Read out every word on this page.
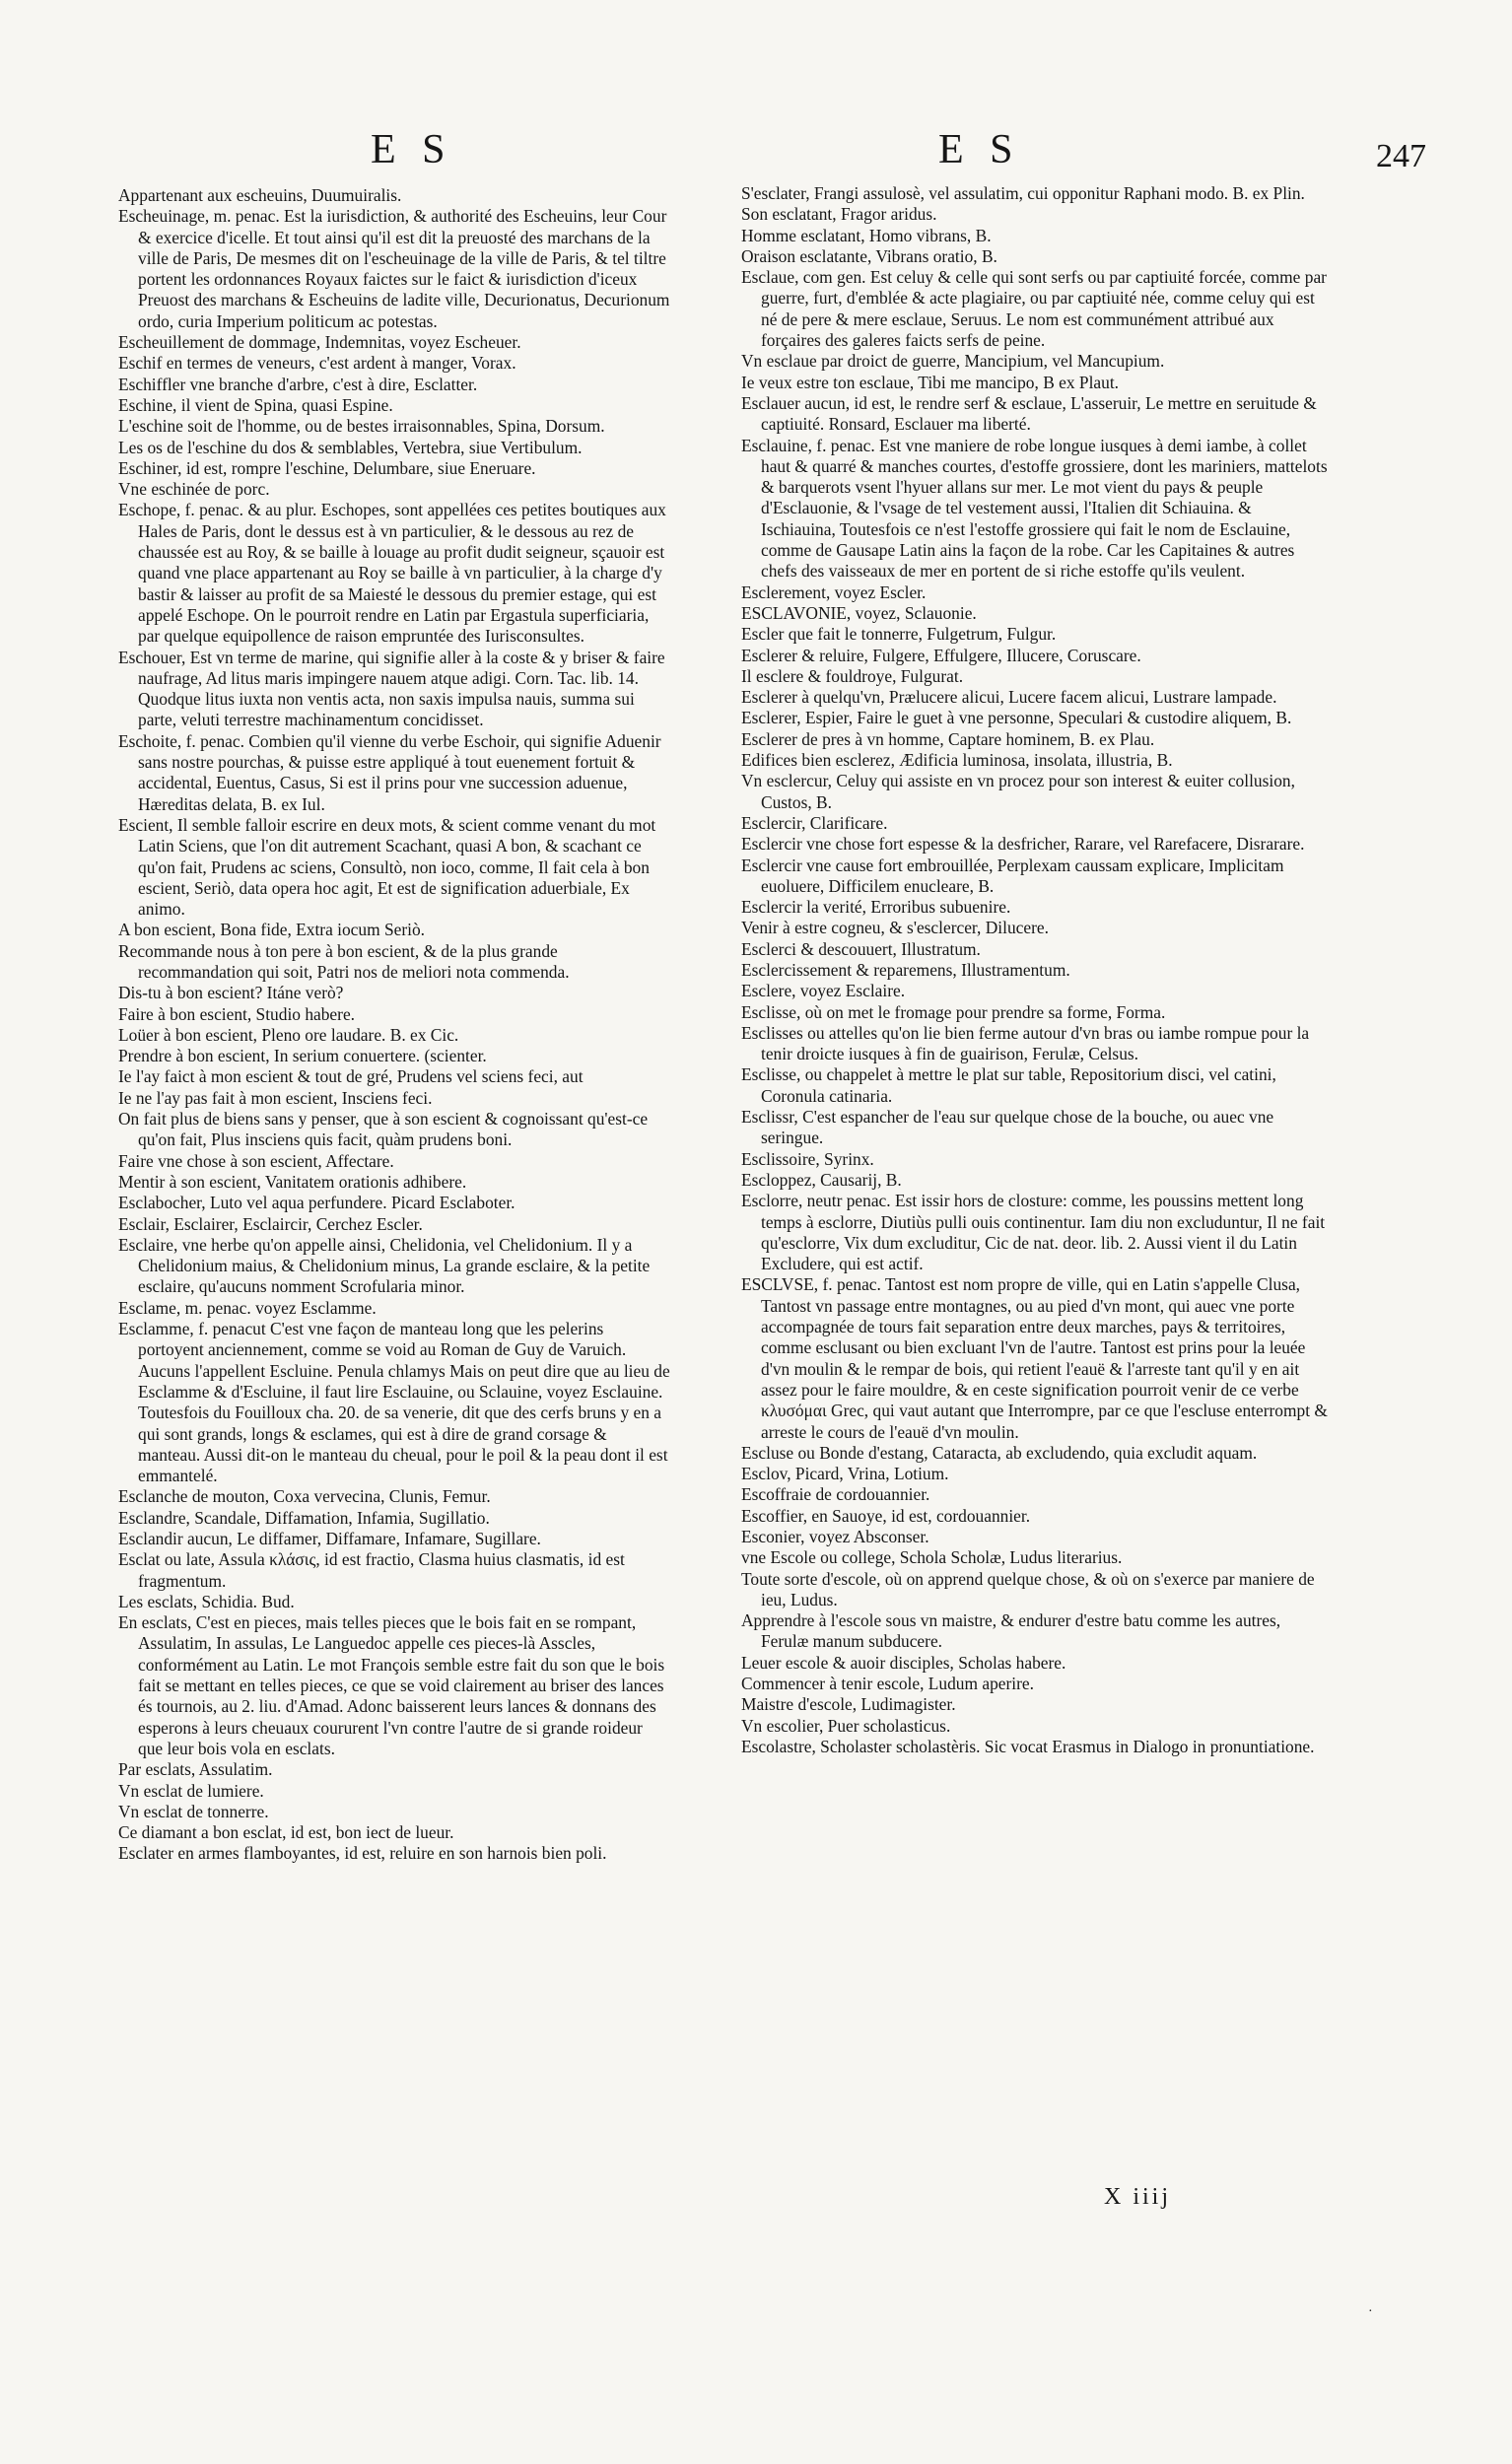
E S	E S	247

Appartenant aux escheuins, Duumuiralis.

Escheuinage, m. penac. Est la iurisdiction, & authorité des Escheuins, leur Cour & exercice d'icelle. Et tout ainsi qu'il est dit la preuosté des marchans de la ville de Paris, De mesmes dit on l'escheuinage de la ville de Paris, & tel tiltre portent les ordonnances Royaux faictes sur le faict & iurisdiction d'iceux Preuost des marchans & Escheuins de ladite ville, Decurionatus, Decurionum ordo, curia Imperium politicum ac potestas.

Escheuillement de dommage, Indemnitas, voyez Escheuer.

Eschif en termes de veneurs, c'est ardent à manger, Vorax.

Eschiffler vne branche d'arbre, c'est à dire, Esclatter.

Eschine, il vient de Spina, quasi Espine.

L'eschine soit de l'homme, ou de bestes irraisonnables, Spina, Dorsum.

Les os de l'eschine du dos & semblables, Vertebra, siue Vertibulum.

Eschiner, id est, rompre l'eschine, Delumbare, siue Eneruare.

Vne eschinée de porc.

Eschope, f. penac. & au plur. Eschopes, sont appellées ces petites boutiques aux Hales de Paris, dont le dessus est à vn particulier, & le dessous au rez de chaussée est au Roy, & se baille à louage au profit dudit seigneur, sçauoir est quand vne place appartenant au Roy se baille à vn particulier, à la charge d'y bastir & laisser au profit de sa Maiesté le dessous du premier estage, qui est appelé Eschope. On le pourroit rendre en Latin par Ergastula superficiaria, par quelque equipollence de raison empruntée des Iurisconsultes.

Eschouer, Est vn terme de marine, qui signifie aller à la coste & y briser & faire naufrage, Ad litus maris impingere nauem atque adigi. Corn. Tac. lib. 14. Quodque litus iuxta non ventis acta, non saxis impulsa nauis, summa sui parte, veluti terrestre machinamentum concidisset.

Eschoite, f. penac. Combien qu'il vienne du verbe Eschoir, qui signifie Aduenir sans nostre pourchas, & puisse estre appliqué à tout euenement fortuit & accidental, Euentus, Casus, Si est il prins pour vne succession aduenue, Hæreditas delata, B. ex Iul.

Escient, Il semble falloir escrire en deux mots, & scient comme venant du mot Latin Sciens, que l'on dit autrement Scachant, quasi A bon, & scachant ce qu'on fait, Prudens ac sciens, Consultò, non ioco, comme, Il fait cela à bon escient, Seriò, data opera hoc agit, Et est de signification aduerbiale, Ex animo.

A bon escient, Bona fide, Extra iocum Seriò.

Recommande nous à ton pere à bon escient, & de la plus grande recommandation qui soit, Patri nos de meliori nota commenda.

Dis-tu à bon escient? Itáne verò?

Faire à bon escient, Studio habere.

Loüer à bon escient, Pleno ore laudare. B. ex Cic.

Prendre à bon escient, In serium conuertere. (scienter.

Ie l'ay faict à mon escient & tout de gré, Prudens vel sciens feci, aut

Ie ne l'ay pas fait à mon escient, Insciens feci.

On fait plus de biens sans y penser, que à son escient & cognoissant qu'est-ce qu'on fait, Plus insciens quis facit, quàm prudens boni.

Faire vne chose à son escient, Affectare.

Mentir à son escient, Vanitatem orationis adhibere.

Esclabocher, Luto vel aqua perfundere. Picard Esclaboter.

Esclair, Esclairer, Esclaircir, Cerchez Escler.

Esclaire, vne herbe qu'on appelle ainsi, Chelidonia, vel Chelidonium. Il y a Chelidonium maius, & Chelidonium minus, La grande esclaire, & la petite esclaire, qu'aucuns nomment Scrofularia minor.

Esclame, m. penac. voyez Esclamme.

Esclamme, f. penacut C'est vne façon de manteau long que les pelerins portoyent anciennement, comme se void au Roman de Guy de Varuich. Aucuns l'appellent Escluine. Penula chlamys Mais on peut dire que au lieu de Esclamme & d'Escluine, il faut lire Esclauine, ou Sclauine, voyez Esclauine. Toutesfois du Fouilloux cha. 20. de sa venerie, dit que des cerfs bruns y en a qui sont grands, longs & esclames, qui est à dire de grand corsage & manteau. Aussi dit-on le manteau du cheual, pour le poil & la peau dont il est emmantelé.

Esclanche de mouton, Coxa vervecina, Clunis, Femur.

Esclandre, Scandale, Diffamation, Infamia, Sugillatio.

Esclandir aucun, Le diffamer, Diffamare, Infamare, Sugillare.

Esclat ou late, Assula κλάσις, id est fractio, Clasma huius clasmatis, id est fragmentum.

Les esclats, Schidia. Bud.

En esclats, C'est en pieces, mais telles pieces que le bois fait en se rompant, Assulatim, In assulas, Le Languedoc appelle ces pieces-là Asscles, conformément au Latin. Le mot François semble estre fait du son que le bois fait se mettant en telles pieces, ce que se void clairement au briser des lances és tournois, au 2. liu. d'Amad. Adonc baisserent leurs lances & donnans des esperons à leurs cheuaux coururent l'vn contre l'autre de si grande roideur que leur bois vola en esclats.

Par esclats, Assulatim.

Vn esclat de lumiere.

Vn esclat de tonnerre.

Ce diamant a bon esclat, id est, bon iect de lueur.

Esclater en armes flamboyantes, id est, reluire en son harnois bien poli.

S'esclater, Frangi assulosè, vel assulatim, cui opponitur Raphani modo. B. ex Plin.

Son esclatant, Fragor aridus.

Homme esclatant, Homo vibrans, B.

Oraison esclatante, Vibrans oratio, B.

Esclaue, com gen. Est celuy & celle qui sont serfs ou par captiuité forcée, comme par guerre, furt, d'emblée & acte plagiaire, ou par captiuité née, comme celuy qui est né de pere & mere esclaue, Seruus. Le nom est communément attribué aux forçaires des galeres faicts serfs de peine.

Vn esclaue par droict de guerre, Mancipium, vel Mancupium.

Ie veux estre ton esclaue, Tibi me mancipo, B ex Plaut.

Esclauer aucun, id est, le rendre serf & esclaue, L'asseruir, Le mettre en seruitude & captiuité. Ronsard, Esclauer ma liberté.

Esclauine, f. penac. Est vne maniere de robe longue iusques à demi iambe, à collet haut & quarré & manches courtes, d'estoffe grossiere, dont les mariniers, mattelots & barquerots vsent l'hyuer allans sur mer. Le mot vient du pays & peuple d'Esclauonie, & l'vsage de tel vestement aussi, l'Italien dit Schiauina. & Ischiauina, Toutesfois ce n'est l'estoffe grossiere qui fait le nom de Esclauine, comme de Gausape Latin ains la façon de la robe. Car les Capitaines & autres chefs des vaisseaux de mer en portent de si riche estoffe qu'ils veulent.

Esclerement, voyez Escler.

ESCLAVONIE, voyez, Sclauonie.

Escler que fait le tonnerre, Fulgetrum, Fulgur.

Esclerer & reluire, Fulgere, Effulgere, Illucere, Coruscare.

Il esclere & fouldroye, Fulgurat.

Esclerer à quelqu'vn, Prælucere alicui, Lucere facem alicui, Lustrare lampade.

Esclerer, Espier, Faire le guet à vne personne, Speculari & custodire aliquem, B.

Esclerer de pres à vn homme, Captare hominem, B. ex Plau.

Edifices bien esclerez, Ædificia luminosa, insolata, illustria, B.

Vn esclercur, Celuy qui assiste en vn procez pour son interest & euiter collusion, Custos, B.

Esclercir, Clarificare.

Esclercir vne chose fort espesse & la desfricher, Rarare, vel Rarefacere, Disrarare.

Esclercir vne cause fort embrouillée, Perplexam caussam explicare, Implicitam euoluere, Difficilem enucleare, B.

Esclercir la verité, Erroribus subuenire.

Venir à estre cogneu, & s'esclercer, Dilucere.

Esclerci & descouuert, Illustratum.

Esclercissement & reparemens, Illustramentum.

Esclere, voyez Esclaire.

Esclisse, où on met le fromage pour prendre sa forme, Forma.

Esclisses ou attelles qu'on lie bien ferme autour d'vn bras ou iambe rompue pour la tenir droicte iusques à fin de guairison, Ferulæ, Celsus.

Esclisse, ou chappelet à mettre le plat sur table, Repositorium disci, vel catini, Coronula catinaria.

Esclissr, C'est espancher de l'eau sur quelque chose de la bouche, ou auec vne seringue.

Esclissoire, Syrinx.

Escloppez, Causarij, B.

Esclorre, neutr penac. Est issir hors de closture: comme, les poussins mettent long temps à esclorre, Diutiùs pulli ouis continentur. Iam diu non excluduntur, Il ne fait qu'esclorre, Vix dum excluditur, Cic de nat. deor. lib. 2. Aussi vient il du Latin Excludere, qui est actif.

ESCLVSE, f. penac. Tantost est nom propre de ville, qui en Latin s'appelle Clusa, Tantost vn passage entre montagnes, ou au pied d'vn mont, qui auec vne porte accompagnée de tours fait separation entre deux marches, pays & territoires, comme esclusant ou bien excluant l'vn de l'autre. Tantost est prins pour la leuée d'vn moulin & le rempar de bois, qui retient l'eauë & l'arreste tant qu'il y en ait assez pour le faire mouldre, & en ceste signification pourroit venir de ce verbe κλυσόμαι Grec, qui vaut autant que Interrompre, par ce que l'escluse enterrompt & arreste le cours de l'eauë d'vn moulin.

Escluse ou Bonde d'estang, Cataracta, ab excludendo, quia excludit aquam.

Esclov, Picard, Vrina, Lotium.

Escoffraie de cordouannier.

Escoffier, en Sauoye, id est, cordouannier.

Esconier, voyez Absconser.

vne Escole ou college, Schola Scholæ, Ludus literarius.

Toute sorte d'escole, où on apprend quelque chose, & où on s'exerce par maniere de ieu, Ludus.

Apprendre à l'escole sous vn maistre, & endurer d'estre batu comme les autres, Ferulæ manum subducere.

Leuer escole & auoir disciples, Scholas habere.

Commencer à tenir escole, Ludum aperire.

Maistre d'escole, Ludimagister.

Vn escolier, Puer scholasticus.

Escolastre, Scholaster scholastèris. Sic vocat Erasmus in Dialogo in pronuntiatione.

X iiij
·
